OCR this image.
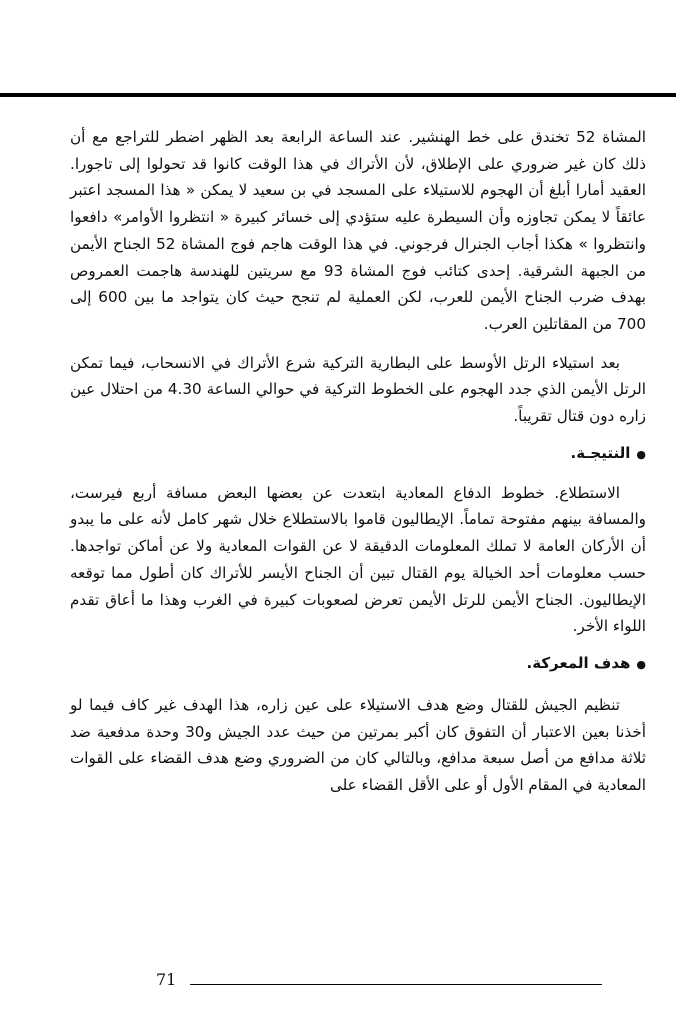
المشاة 52 تخندق على خط الهنشير. عند الساعة الرابعة بعد الظهر اضطر للتراجع مع أن ذلك كان غير ضروري على الإطلاق، لأن الأتراك في هذا الوقت كانوا قد تحولوا إلى تاجورا. العقيد أمارا أبلغ أن الهجوم للاستيلاء على المسجد في بن سعيد لا يمكن « هذا المسجد اعتبر عائقاً لا يمكن تجاوزه وأن السيطرة عليه ستؤدي إلى خسائر كبيرة « انتظروا الأوامر» دافعوا وانتظروا » هكذا أجاب الجنرال فرجوني. في هذا الوقت هاجم فوج المشاة 52 الجناح الأيمن من الجبهة الشرقية. إحدى كتائب فوج المشاة 93 مع سريتين للهندسة هاجمت العمروص بهدف ضرب الجناح الأيمن للعرب، لكن العملية لم تنجح حيث كان يتواجد ما بين 600 إلى 700 من المقاتلين العرب.

بعد استيلاء الرتل الأوسط على البطارية التركية شرع الأتراك في الانسحاب، فيما تمكن الرتل الأيمن الذي جدد الهجوم على الخطوط التركية في حوالي الساعة 4.30 من احتلال عين زاره دون قتال تقريباً.

●النتيجـة.

الاستطلاع. خطوط الدفاع المعادية ابتعدت عن بعضها البعض مسافة أربع فيرست، والمسافة بينهم مفتوحة تماماً. الإيطاليون قاموا بالاستطلاع خلال شهر كامل لأنه على ما يبدو أن الأركان العامة لا تملك المعلومات الدقيقة لا عن القوات المعادية ولا عن أماكن تواجدها. حسب معلومات أحد الخيالة يوم القتال تبين أن الجناح الأيسر للأتراك كان أطول مما توقعه الإيطاليون. الجناح الأيمن للرتل الأيمن تعرض لصعوبات كبيرة في الغرب وهذا ما أعاق تقدم اللواء الأخر.

●هدف المعركة.

تنظيم الجيش للقتال وضع هدف الاستيلاء على عين زاره، هذا الهدف غير كاف فيما لو أخذنا بعين الاعتبار أن التفوق كان أكبر بمرتين من حيث عدد الجيش و30 وحدة مدفعية ضد ثلاثة مدافع من أصل سبعة مدافع، وبالتالي كان من الضروري وضع هدف القضاء على القوات المعادية في المقام الأول أو على الأقل القضاء على

71
